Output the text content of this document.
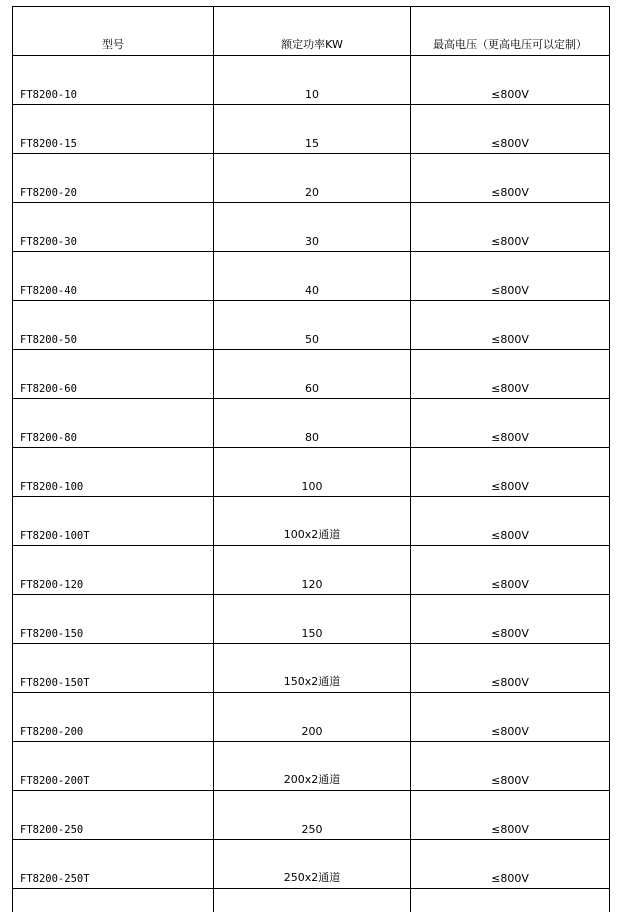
型号	额定功率KW	最高电压（更高电压可以定制）
FT8200-10	10	≤800V
FT8200-15	15	≤800V
FT8200-20	20	≤800V
FT8200-30	30	≤800V
FT8200-40	40	≤800V
FT8200-50	50	≤800V
FT8200-60	60	≤800V
FT8200-80	80	≤800V
FT8200-100	100	≤800V
FT8200-100T	100x2通道	≤800V
FT8200-120	120	≤800V
FT8200-150	150	≤800V
FT8200-150T	150x2通道	≤800V
FT8200-200	200	≤800V
FT8200-200T	200x2通道	≤800V
FT8200-250	250	≤800V
FT8200-250T	250x2通道	≤800V
